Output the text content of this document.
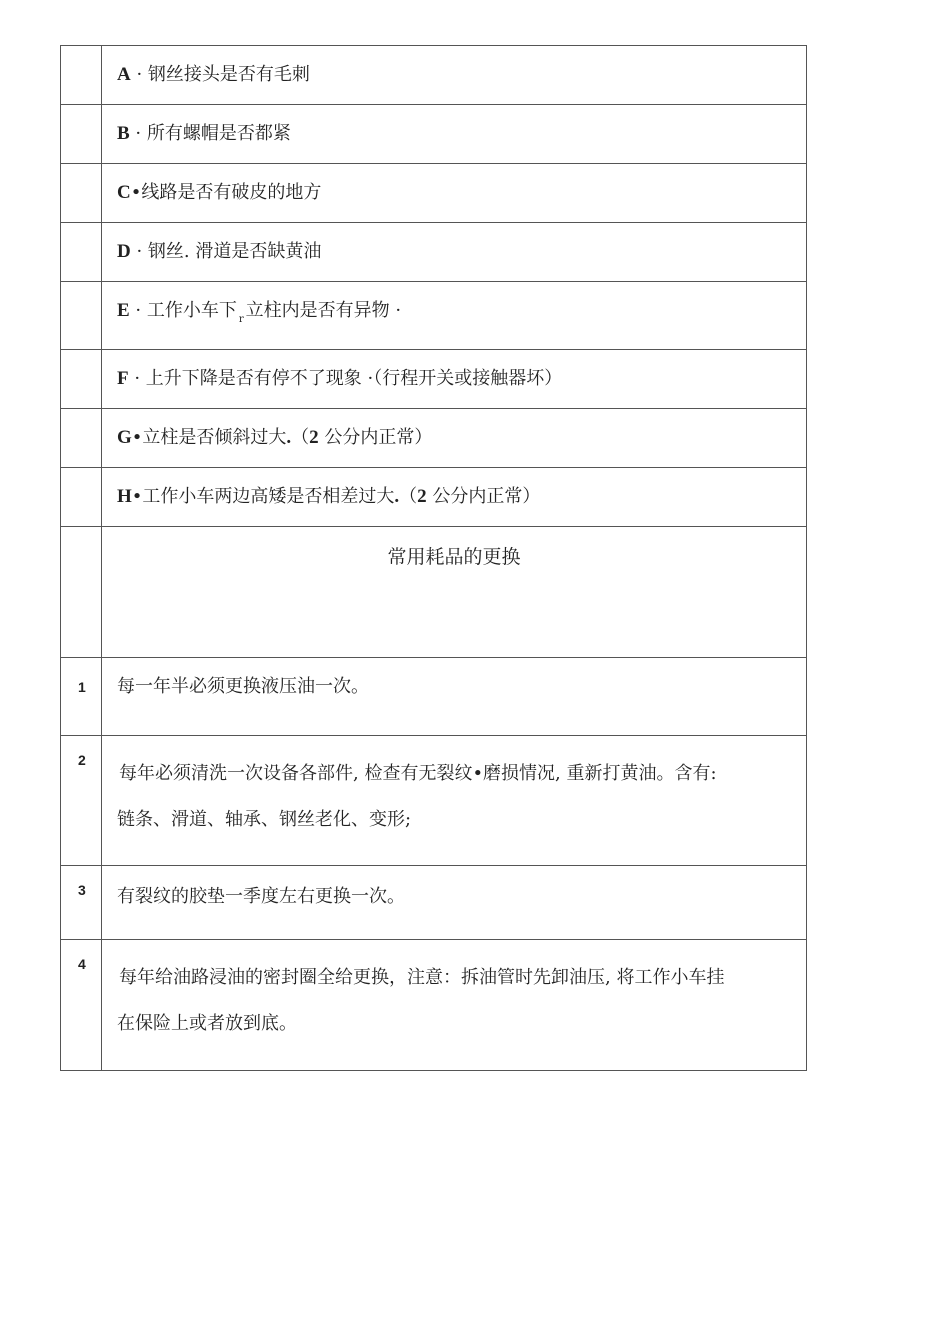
	A · 钢丝接头是否有毛刺
	B · 所有螺帽是否都紧
	C•线路是否有破皮的地方
	D · 钢丝. 滑道是否缺黄油
	E · 工作小车下 $_r$ 立柱内是否有异物 ·
	F · 上升下降是否有停不了现象 ·（行程开关或接触器坏）
	G•立柱是否倾斜过大.（2 公分内正常）
	H•工作小车两边高矮是否相差过大.（2 公分内正常）
	常用耗品的更换
1	每一年半必须更换液压油一次。
2	每年必须清洗一次设备各部件, 检查有无裂纹•磨损情况, 重新打黄油。含有:
链条、滑道、轴承、钢丝老化、变形;

3	有裂纹的胶垫一季度左右更换一次。
4	每年给油路浸油的密封圈全给更换，注意：拆油管时先卸油压, 将工作小车挂
在保险上或者放到底。
